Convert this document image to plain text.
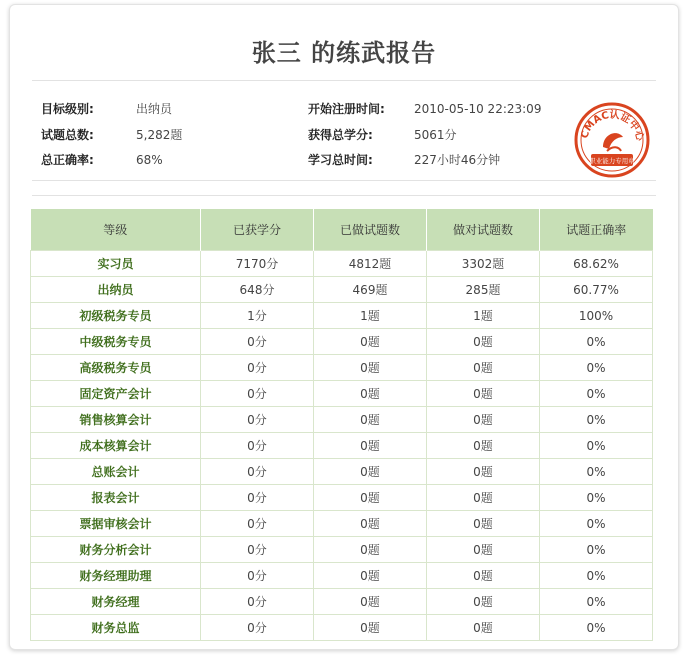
张三 的练武报告
目标级别:	出纳员
试题总数:	5,282题
总正确率:	68%
开始注册时间: 2010-05-10 22:23:09
获得总学分:	5061分
学习总时间:	227小时46分钟
CMAC认证中心
职业能力专用章
等级	已获学分	已做试题数	做对试题数	试题正确率
实习员	7170分	4812题	3302题	68.62%
出纳员	648分	469题	285题	60.77%
初级税务专员	1分	1题	1题	100%
中级税务专员	0分	0题	0题	0%
高级税务专员	0分	0题	0题	0%
固定资产会计	0分	0题	0题	0%
销售核算会计	0分	0题	0题	0%
成本核算会计	0分	0题	0题	0%
总账会计	0分	0题	0题	0%
报表会计	0分	0题	0题	0%
票据审核会计	0分	0题	0题	0%
财务分析会计	0分	0题	0题	0%
财务经理助理	0分	0题	0题	0%
财务经理	0分	0题	0题	0%
财务总监	0分	0题	0题	0%
